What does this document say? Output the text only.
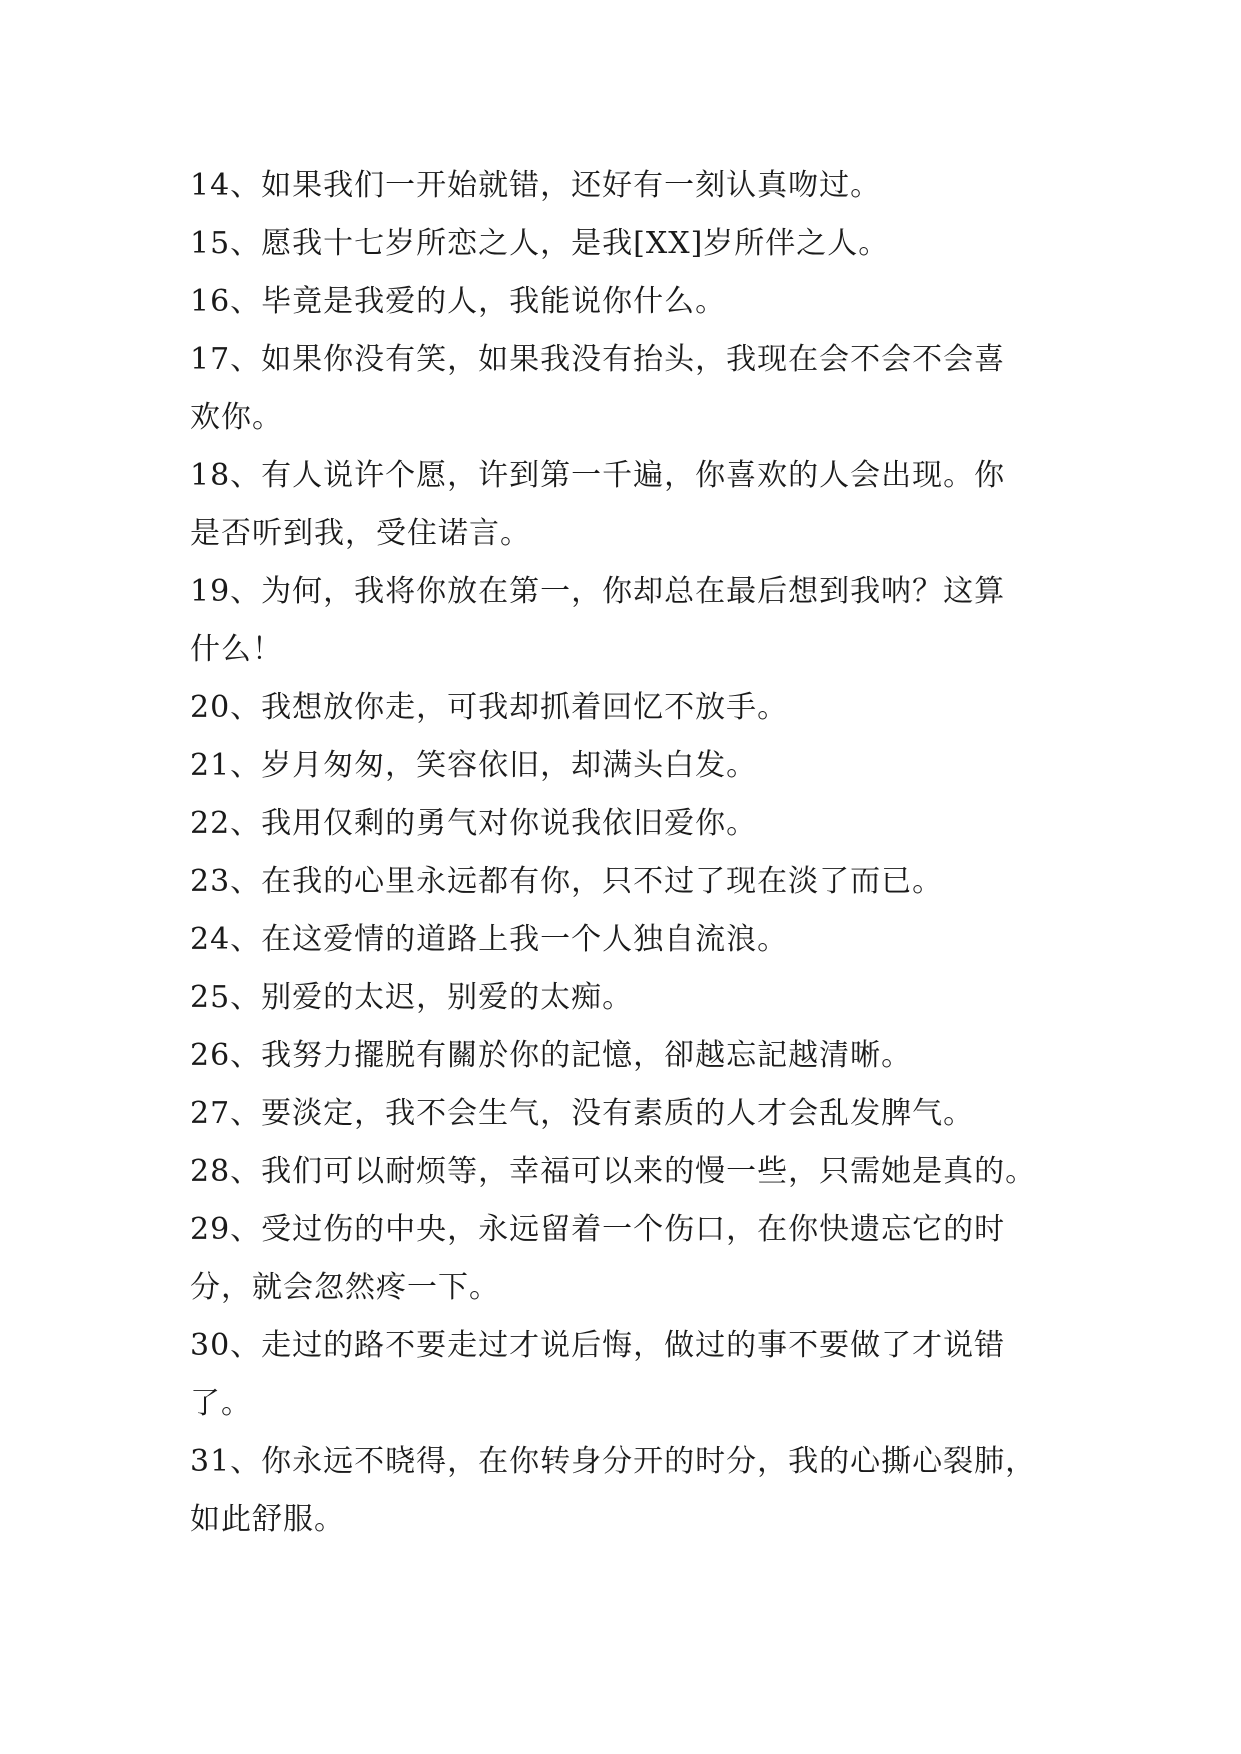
14、如果我们一开始就错，还好有一刻认真吻过。

15、愿我十七岁所恋之人，是我[XX]岁所伴之人。

16、毕竟是我爱的人，我能说你什么。

17、如果你没有笑，如果我没有抬头，我现在会不会不会喜
欢你。

18、有人说许个愿，许到第一千遍，你喜欢的人会出现。你
是否听到我，受住诺言。

19、为何，我将你放在第一，你却总在最后想到我呐？这算
什么！

20、我想放你走，可我却抓着回忆不放手。

21、岁月匆匆，笑容依旧，却满头白发。

22、我用仅剩的勇气对你说我依旧爱你。

23、在我的心里永远都有你，只不过了现在淡了而已。

24、在这爱情的道路上我一个人独自流浪。

25、别爱的太迟，别爱的太痴。

26、我努力擺脱有關於你的記憶，卻越忘記越清晰。

27、要淡定，我不会生气，没有素质的人才会乱发脾气。

28、我们可以耐烦等，幸福可以来的慢一些，只需她是真的。

29、受过伤的中央，永远留着一个伤口，在你快遗忘它的时
分，就会忽然疼一下。

30、走过的路不要走过才说后悔，做过的事不要做了才说错
了。

31、你永远不晓得，在你转身分开的时分，我的心撕心裂肺，
如此舒服。
